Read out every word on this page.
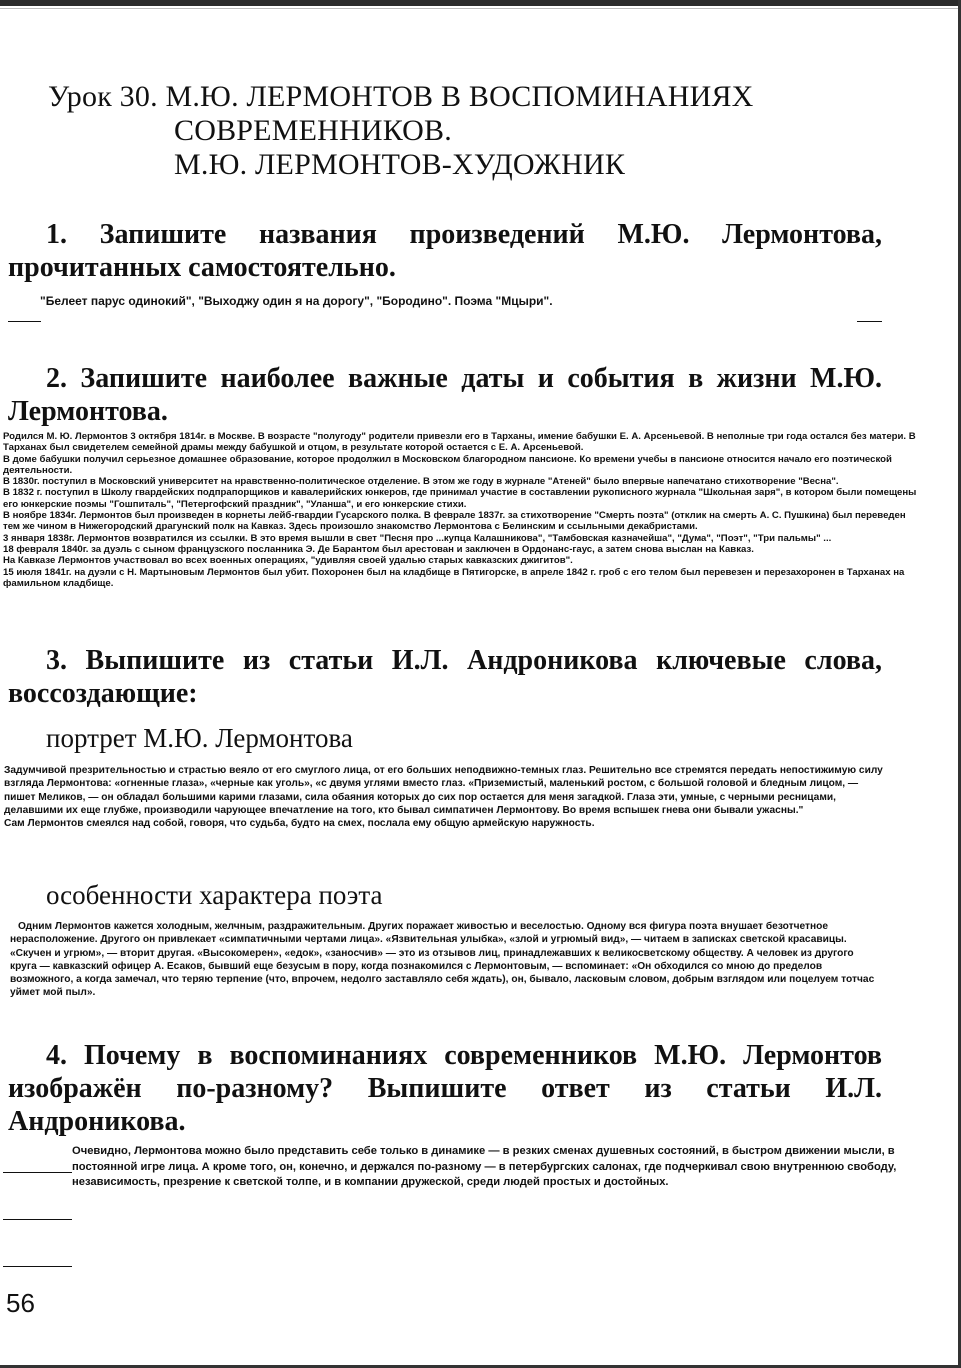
Урок 30. М.Ю. ЛЕРМОНТОВ В ВОСПОМИНАНИЯХ
СОВРЕМЕННИКОВ.
М.Ю. ЛЕРМОНТОВ-ХУДОЖНИК
1. Запишите названия произведений М.Ю. Лермонтова, прочитанных самостоятельно.
"Белеет парус одинокий", "Выходжу один я на дорогу", "Бородино". Поэма "Мцыри".
2. Запишите наиболее важные даты и события в жизни М.Ю. Лермонтова.

Родился М. Ю. Лермонтов 3 октября 1814г. в Москве. В возрасте "полугоду" родители привезли его в Тарханы, имение бабушки Е. А. Арсеньевой. В неполные три года остался без матери. В Тарханах был свидетелем семейной драмы между бабушкой и отцом, в результате которой остается с Е. А. Арсеньевой.

В доме бабушки получил серьезное домашнее образование, которое продолжил в Московском благородном пансионе. Ко времени учебы в пансионе относится начало его поэтической деятельности.

В 1830г. поступил в Московский университет на нравственно-политическое отделение. В этом же году в журнале "Атеней" было впервые напечатано стихотворение "Весна".

В 1832 г. поступил в Школу гвардейских подпрапорщиков и кавалерийских юнкеров, где принимал участие в составлении рукописного журнала "Школьная заря", в котором были помещены его юнкерские поэмы "Гошпиталь", "Петергофский праздник", "Уланша", и его юнкерские стихи.

В ноябре 1834г. Лермонтов был произведен в корнеты лейб-гвардии Гусарского полка. В феврале 1837г. за стихотворение "Смерть поэта" (отклик на смерть А. С. Пушкина) был переведен тем же чином в Нижегородский драгунский полк на Кавказ. Здесь произошло знакомство Лермонтова с Белинским и ссыльными декабристами.

3 января 1838г. Лермонтов возвратился из ссылки. В это время вышли в свет "Песня про ...купца Калашникова", "Тамбовская казначейша", "Дума", "Поэт", "Три пальмы" ...

18 февраля 1840г. за дуэль с сыном французского посланника Э. Де Барантом был арестован и заключен в Ордонанс-гаус, а затем снова выслан на Кавказ.

На Кавказе Лермонтов участвовал во всех военных операциях, "удивляя своей удалью старых кавказских джигитов".

15 июля 1841г. на дуэли с Н. Мартыновым Лермонтов был убит. Похоронен был на кладбище в Пятигорске, в апреле 1842 г. гроб с его телом был перевезен и перезахоронен в Тарханах на фамильном кладбище.

3. Выпишите из статьи И.Л. Андроникова ключевые слова, воссоздающие:
портрет М.Ю. Лермонтова

Задумчивой презрительностью и страстью веяло от его смуглого лица, от его больших неподвижно-темных глаз. Решительно все стремятся передать непостижимую силу взгляда Лермонтова: «огненные глаза», «черные как уголь», «с двумя углями вместо глаз. «Приземистый, маленький ростом, с большой головой и бледным лицом, — пишет Меликов, — он обладал большими карими глазами, сила обаяния которых до сих пор остается для меня загадкой. Глаза эти, умные, с черными ресницами, делавшими их еще глубже, производили чарующее впечатление на того, кто бывал симпатичен Лермонтову. Во время вспышек гнева они бывали ужасны."

Сам Лермонтов смеялся над собой, говоря, что судьба, будто на смех, послала ему общую армейскую наружность.

особенности характера поэта
Одним Лермонтов кажется холодным, желчным, раздражительным. Других поражает живостью и веселостью. Одному вся фигура поэта внушает безотчетное нерасположение. Другого он привлекает «симпатичными чертами лица». «Язвительная улыбка», «злой и угрюмый вид», — читаем в записках светской красавицы. «Скучен и угрюм», — вторит другая. «Высокомерен», «едок», «заносчив» — это из отзывов лиц, принадлежавших к великосветскому обществу. А человек из другого круга — кавказский офицер А. Есаков, бывший еще безусым в пору, когда познакомился с Лермонтовым, — вспоминает: «Он обходился со мною до пределов возможного, а когда замечал, что теряю терпение (что, впрочем, недолго заставляло себя ждать), он, бывало, ласковым словом, добрым взглядом или поцелуем тотчас уймет мой пыл».
4. Почему в воспоминаниях современников М.Ю. Лермонтов изображён по-разному? Выпишите ответ из статьи И.Л. Андроникова.
Очевидно, Лермонтова можно было представить себе только в динамике — в резких сменах душевных состояний, в быстром движении мысли, в постоянной игре лица. А кроме того, он, конечно, и держался по-разному — в петербургских салонах, где подчеркивал свою внутреннюю свободу, независимость, презрение к светской толпе, и в компании дружеской, среди людей простых и достойных.
56
